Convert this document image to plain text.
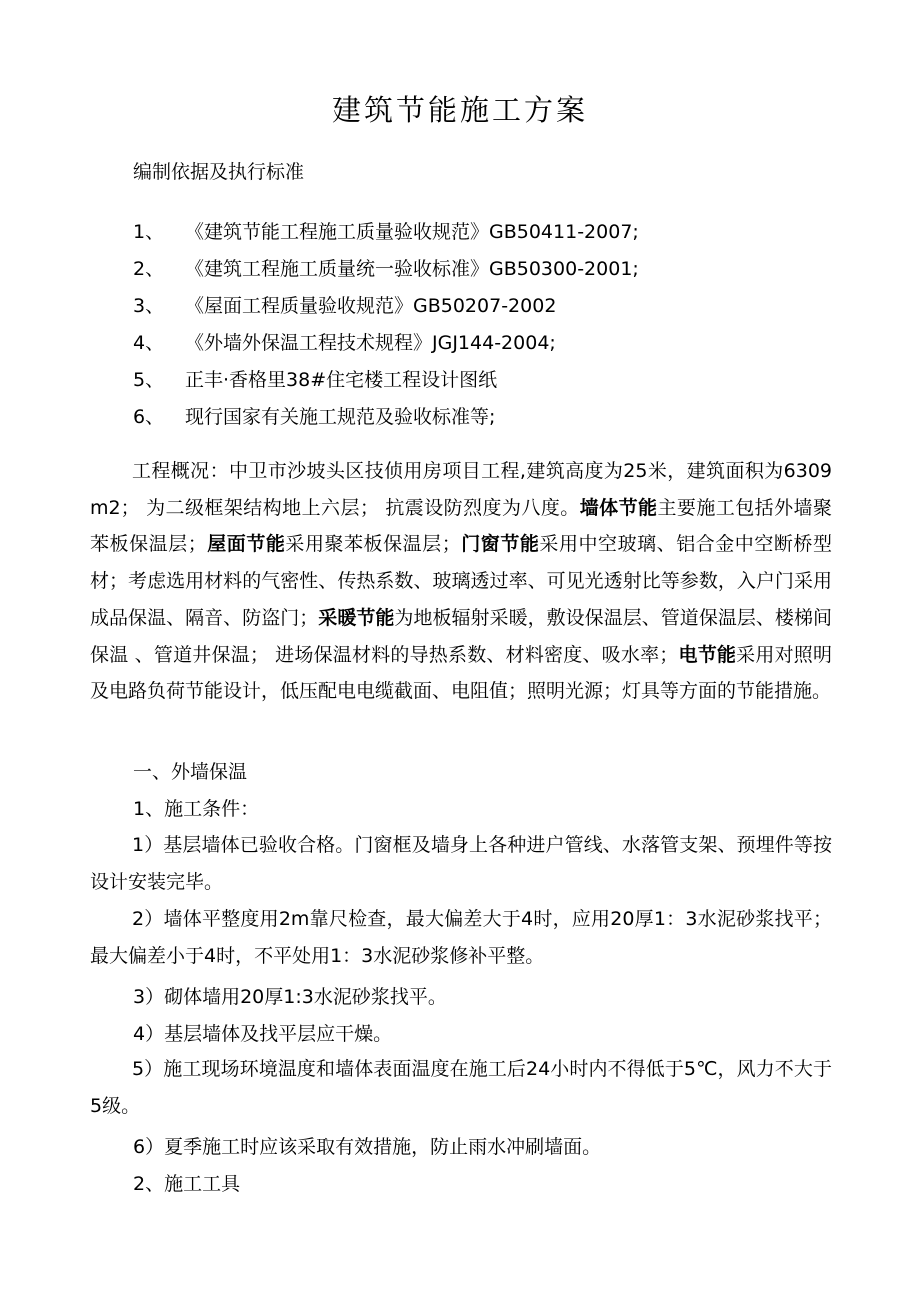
建筑节能施工方案
编制依据及执行标准
1、 《建筑节能工程施工质量验收规范》GB50411-2007;
2、 《建筑工程施工质量统一验收标准》GB50300-2001;
3、 《屋面工程质量验收规范》GB50207-2002
4、 《外墙外保温工程技术规程》JGJ144-2004;
5、 正丰·香格里38#住宅楼工程设计图纸
6、 现行国家有关施工规范及验收标准等;
工程概况：中卫市沙坡头区技侦用房项目工程,建筑高度为25米，建筑面积为6309 m2； 为二级框架结构地上六层； 抗震设防烈度为八度。墙体节能主要施工包括外墙聚苯板保温层；屋面节能采用聚苯板保温层；门窗节能采用中空玻璃、铝合金中空断桥型材；考虑选用材料的气密性、传热系数、玻璃透过率、可见光透射比等参数，入户门采用成品保温、隔音、防盗门；采暖节能为地板辐射采暖，敷设保温层、管道保温层、楼梯间保温 、管道井保温； 进场保温材料的导热系数、材料密度、吸水率；电节能采用对照明及电路负荷节能设计，低压配电电缆截面、电阻值；照明光源；灯具等方面的节能措施。
一、外墙保温
1、施工条件：
1）基层墙体已验收合格。门窗框及墙身上各种进户管线、水落管支架、预埋件等按设计安装完毕。
2）墙体平整度用2m靠尺检查，最大偏差大于4时，应用20厚1：3水泥砂浆找平；最大偏差小于4时，不平处用1：3水泥砂浆修补平整。
3）砌体墙用20厚1:3水泥砂浆找平。
4）基层墙体及找平层应干燥。
5）施工现场环境温度和墙体表面温度在施工后24小时内不得低于5℃，风力不大于5级。
6）夏季施工时应该采取有效措施，防止雨水冲刷墙面。
2、施工工具
